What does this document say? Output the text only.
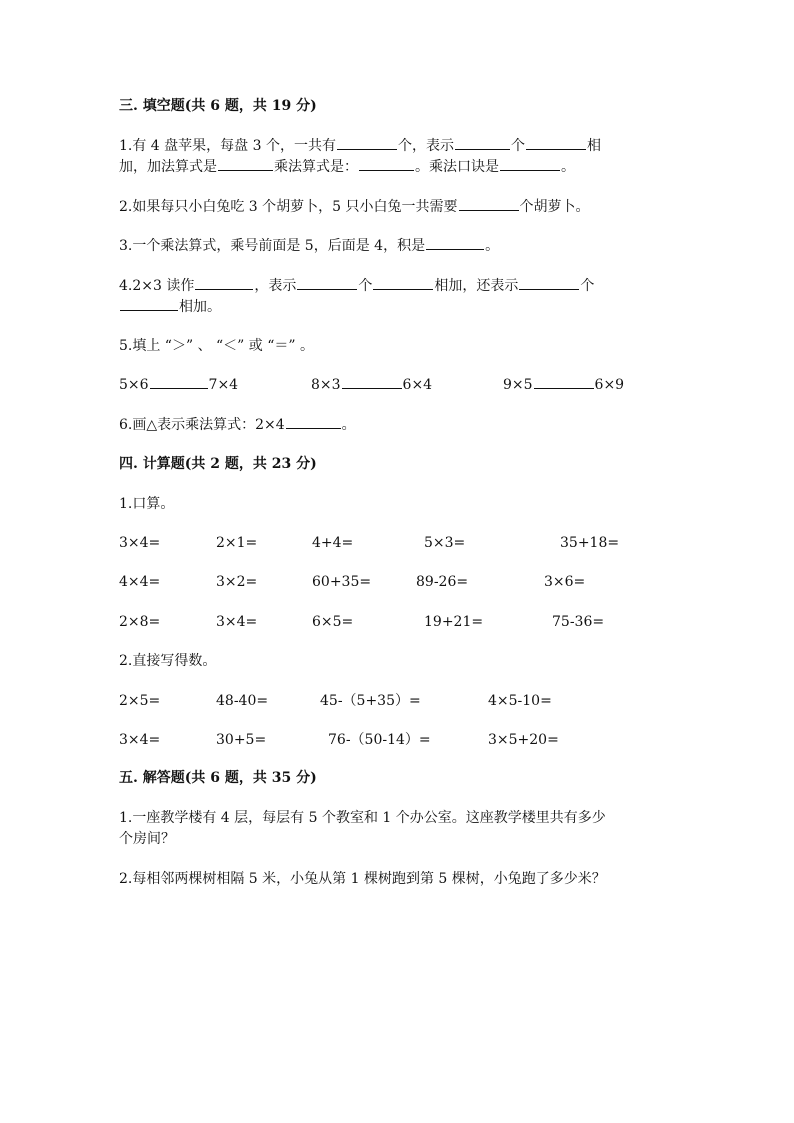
三. 填空题(共 6 题，共 19 分)
1.有 4 盘苹果，每盘 3 个，一共有	个，表示	个	相
加，加法算式是	乘法算式是：	。乘法口诀是	。
2.如果每只小白兔吃 3 个胡萝卜，5 只小白兔一共需要	个胡萝卜。
3.一个乘法算式，乘号前面是 5，后面是 4，积是	。
4.2×3 读作	，表示	个	相加，还表示	个
相加。
5.填上 “＞” 、 “＜” 或 “＝” 。
5×6	7×4	8×3	6×4	9×5	6×9
6.画△表示乘法算式：2×4	。
四. 计算题(共 2 题，共 23 分)
1.口算。
3×4=	2×1=	4+4=	5×3=	35+18=
4×4=	3×2=	60+35=	89-26=	3×6=
2×8=	3×4=	6×5=	19+21=	75-36=
2.直接写得数。
2×5=	48-40=	45-（5+35）=	4×5-10=
3×4=	30+5=	76-（50-14）=	3×5+20=
五. 解答题(共 6 题，共 35 分)
1.一座教学楼有 4 层，每层有 5 个教室和 1 个办公室。这座教学楼里共有多少
个房间？
2.每相邻两棵树相隔 5 米，小兔从第 1 棵树跑到第 5 棵树，小兔跑了多少米？
